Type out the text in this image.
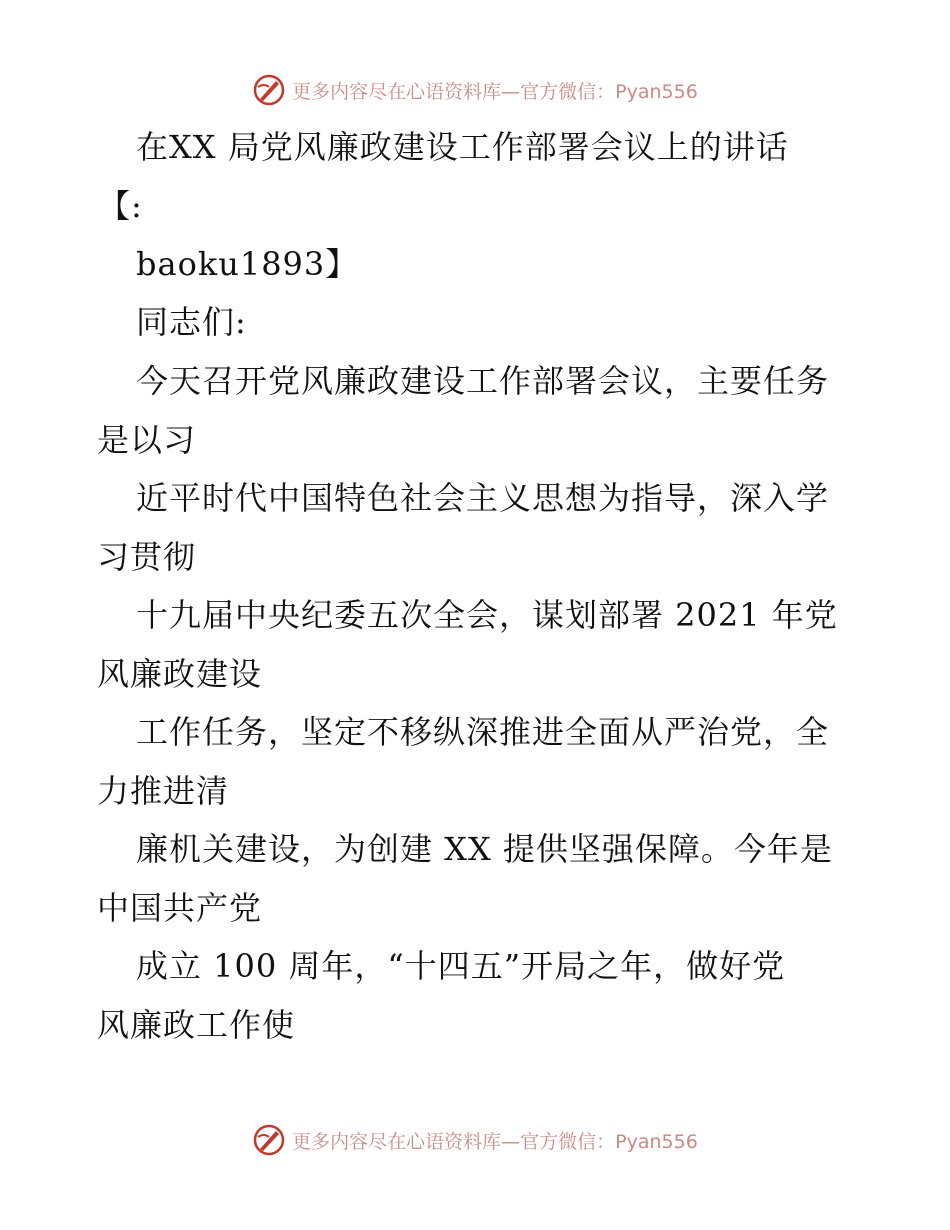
更多内容尽在心语资料库—官方微信：Pyan556
在XX 局党风廉政建设工作部署会议上的讲话
【:
baoku1893】
同志们:
今天召开党风廉政建设工作部署会议，主要任务
是以习
近平时代中国特色社会主义思想为指导，深入学
习贯彻
十九届中央纪委五次全会，谋划部署 2021 年党
风廉政建设
工作任务，坚定不移纵深推进全面从严治党，全
力推进清
廉机关建设，为创建 XX 提供坚强保障。今年是
中国共产党
成立 100 周年，“十四五”开局之年，做好党
风廉政工作使
更多内容尽在心语资料库—官方微信：Pyan556
